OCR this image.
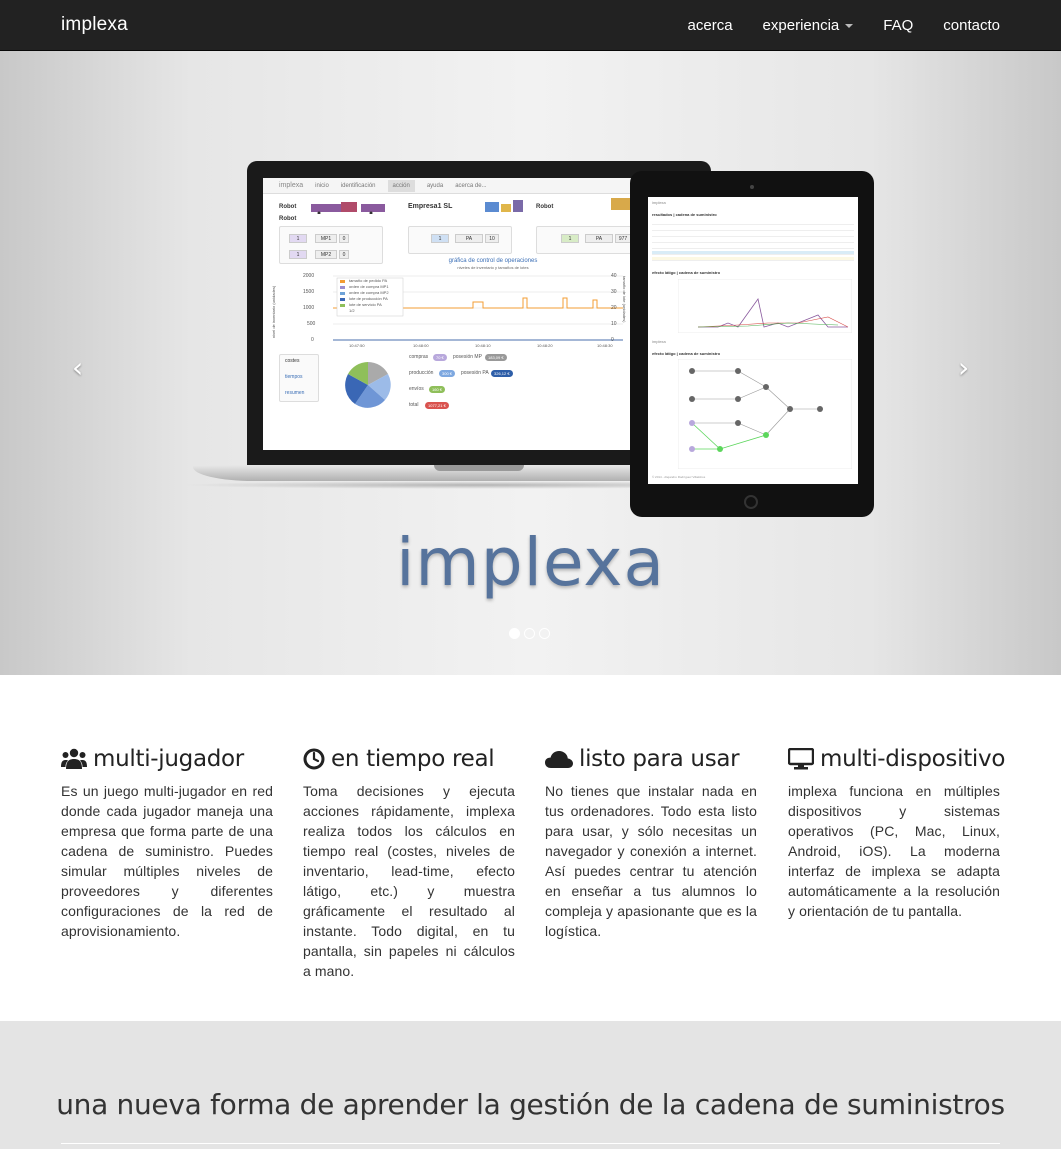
implexa	acerca experiencia	FAQ contacto
implexa inicio identificación	acción	ayuda acerca de...
Robot
Robot
Empresa1 SL	Robot
1	MP1	0
1	MP2	0
1	PA	10	1	PA	977
gráfica de control de operaciones
niveles de inventario y tamaños de lotes
tamaño de pedido PA
orden de compra MP1
orden de compra MP2
lote de producción PA
lote de servicio PA
1/2
2000
1500
1000
500
0
40
30
20
10
0
10:47:50	10:48:00	10:48:10	10:48:20	10:48:30
nivel de inventario (unidades)	tamaño de lote (unidades)
costes
tiempos
resumen
compras	70 €	posesión MP	183,09 €
producción	300 €	posesión PA	326,12 €
envíos	160 €
total	1077,21 €
implexa
resultados | cadena de suministro
efecto látigo | cadena de suministro
implexa
efecto látigo | cadena de suministro
© 2014 - Alejandro Rodríguez Villalobos
implexa
‹	›
multi-jugador

Es un juego multi-jugador en red donde cada jugador maneja una empresa que forma parte de una cadena de suministro. Puedes simular múltiples niveles de proveedores y diferentes configuraciones de la red de aprovisionamiento.

en tiempo real

Toma decisiones y ejecuta acciones rápidamente, implexa realiza todos los cálculos en tiempo real (costes, niveles de inventario, lead-time, efecto látigo, etc.) y muestra gráficamente el resultado al instante. Todo digital, en tu pantalla, sin papeles ni cálculos a mano.

listo para usar

No tienes que instalar nada en tus ordenadores. Todo esta listo para usar, y sólo necesitas un navegador y conexión a internet. Así puedes centrar tu atención en enseñar a tus alumnos lo compleja y apasionante que es la logística.

multi-dispositivo

implexa funciona en múltiples dispositivos y sistemas operativos (PC, Mac, Linux, Android, iOS). La moderna interfaz de implexa se adapta automáticamente a la resolución y orientación de tu pantalla.

una nueva forma de aprender la gestión de la cadena de suministros
